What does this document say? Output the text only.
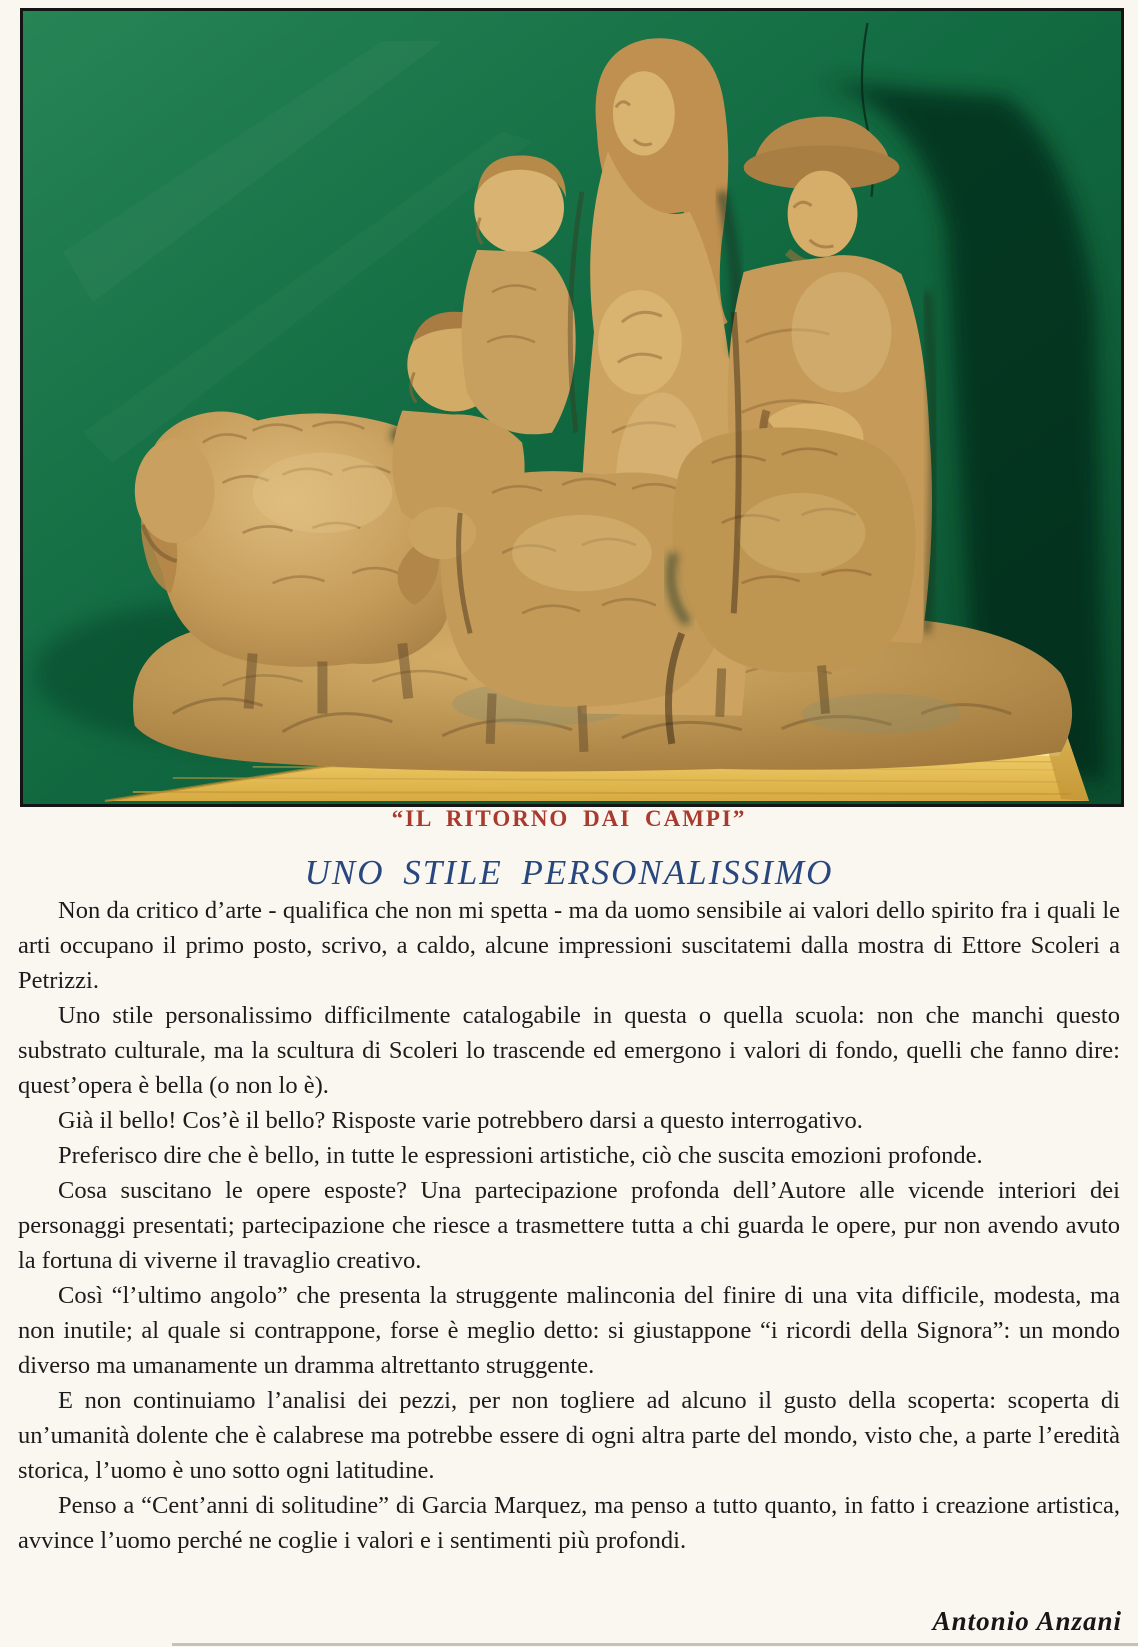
“IL RITORNO DAI CAMPI”
UNO STILE PERSONALISSIMO

Non da critico d’arte - qualifica che non mi spetta - ma da uomo sensibile ai valori dello spirito fra i quali le arti occupano il primo posto, scrivo, a caldo, alcune impressioni suscitatemi dalla mostra di Ettore Scoleri a Petrizzi.

Uno stile personalissimo difficilmente catalogabile in questa o quella scuola: non che manchi questo substrato culturale, ma la scultura di Scoleri lo trascende ed emergono i valori di fondo, quelli che fanno dire: quest’opera è bella (o non lo è).

Già il bello! Cos’è il bello? Risposte varie potrebbero darsi a questo interrogativo.

Preferisco dire che è bello, in tutte le espressioni artistiche, ciò che suscita emozioni profonde.

Cosa suscitano le opere esposte? Una partecipazione profonda dell’Autore alle vicende interiori dei personaggi presentati; partecipazione che riesce a trasmettere tutta a chi guarda le opere, pur non avendo avuto la fortuna di viverne il travaglio creativo.

Così “l’ultimo angolo” che presenta la struggente malinconia del finire di una vita difficile, modesta, ma non inutile; al quale si contrappone, forse è meglio detto: si giustappone “i ricordi della Signora”: un mondo diverso ma umanamente un dramma altrettanto struggente.

E non continuiamo l’analisi dei pezzi, per non togliere ad alcuno il gusto della scoperta: scoperta di un’umanità dolente che è calabrese ma potrebbe essere di ogni altra parte del mondo, visto che, a parte l’eredità storica, l’uomo è uno sotto ogni latitudine.

Penso a “Cent’anni di solitudine” di Garcia Marquez, ma penso a tutto quanto, in fatto i creazione artistica, avvince l’uomo perché ne coglie i valori e i sentimenti più profondi.

Antonio Anzani
